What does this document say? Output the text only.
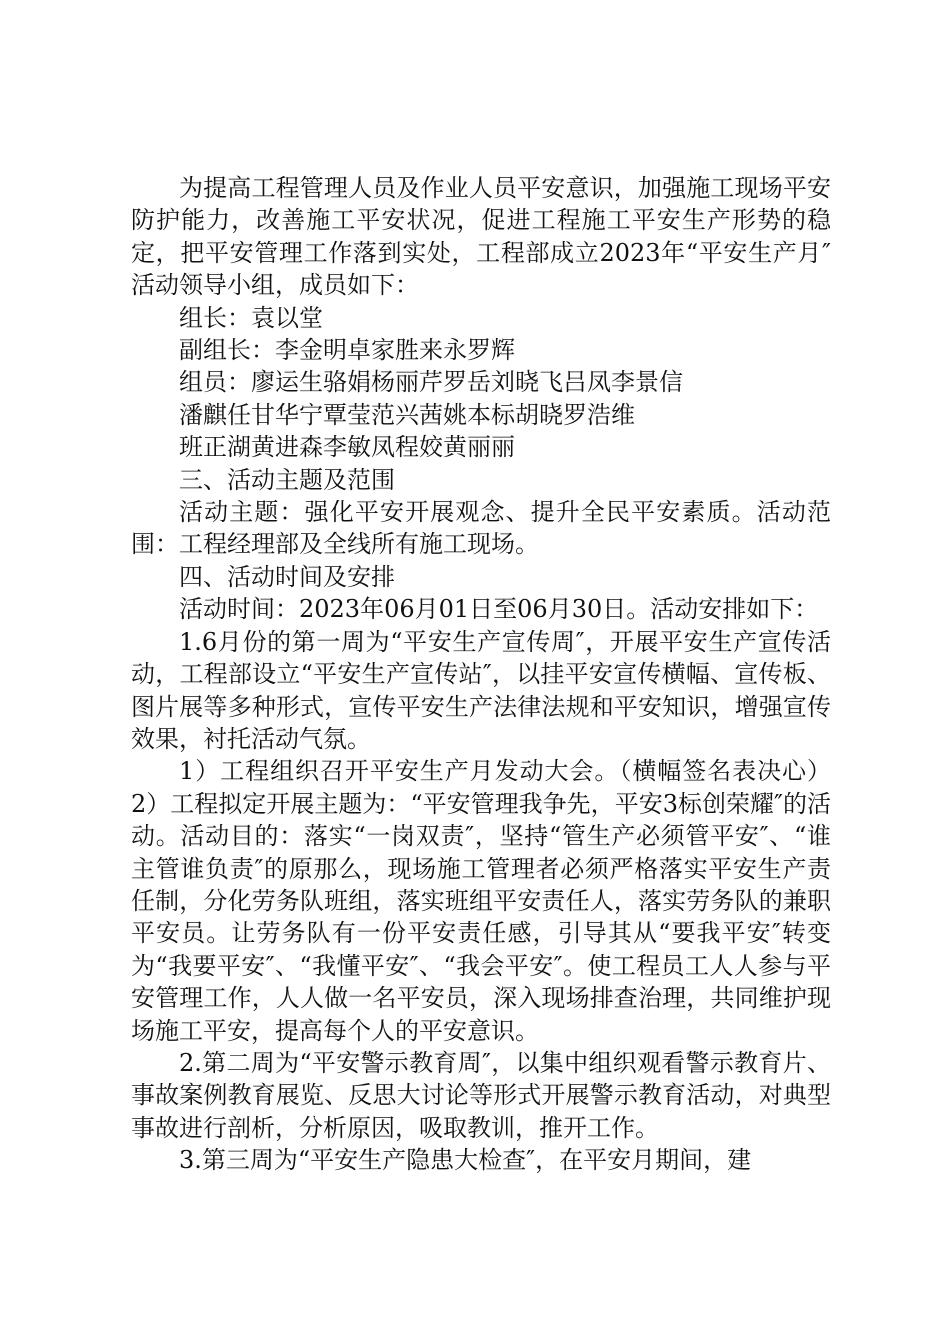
为提高工程管理人员及作业人员平安意识，加强施工现场平安防护能力，改善施工平安状况，促进工程施工平安生产形势的稳定，把平安管理工作落到实处，工程部成立2023年“平安生产月″活动领导小组，成员如下：

组长：袁以堂

副组长：李金明卓家胜来永罗辉

组员：廖运生骆娟杨丽芹罗岳刘晓飞吕凤李景信

潘麒任甘华宁覃莹范兴茜姚本标胡晓罗浩维

班正湖黄进森李敏凤程姣黄丽丽

三、活动主题及范围

活动主题：强化平安开展观念、提升全民平安素质。活动范围：工程经理部及全线所有施工现场。

四、活动时间及安排

活动时间：2023年06月01日至06月30日。活动安排如下：

1.6月份的第一周为“平安生产宣传周″，开展平安生产宣传活动，工程部设立“平安生产宣传站″，以挂平安宣传横幅、宣传板、图片展等多种形式，宣传平安生产法律法规和平安知识，增强宣传效果，衬托活动气氛。

1）工程组织召开平安生产月发动大会。（横幅签名表决心）2）工程拟定开展主题为：“平安管理我争先，平安3标创荣耀″的活动。活动目的：落实“一岗双责″，坚持“管生产必须管平安″、“谁主管谁负责″的原那么，现场施工管理者必须严格落实平安生产责任制，分化劳务队班组，落实班组平安责任人，落实劳务队的兼职平安员。让劳务队有一份平安责任感，引导其从“要我平安″转变为“我要平安″、“我懂平安″、“我会平安″。使工程员工人人参与平安管理工作，人人做一名平安员，深入现场排查治理，共同维护现场施工平安，提高每个人的平安意识。

2.第二周为“平安警示教育周″，以集中组织观看警示教育片、事故案例教育展览、反思大讨论等形式开展警示教育活动，对典型事故进行剖析，分析原因，吸取教训，推开工作。

3.第三周为“平安生产隐患大检查″，在平安月期间，建
